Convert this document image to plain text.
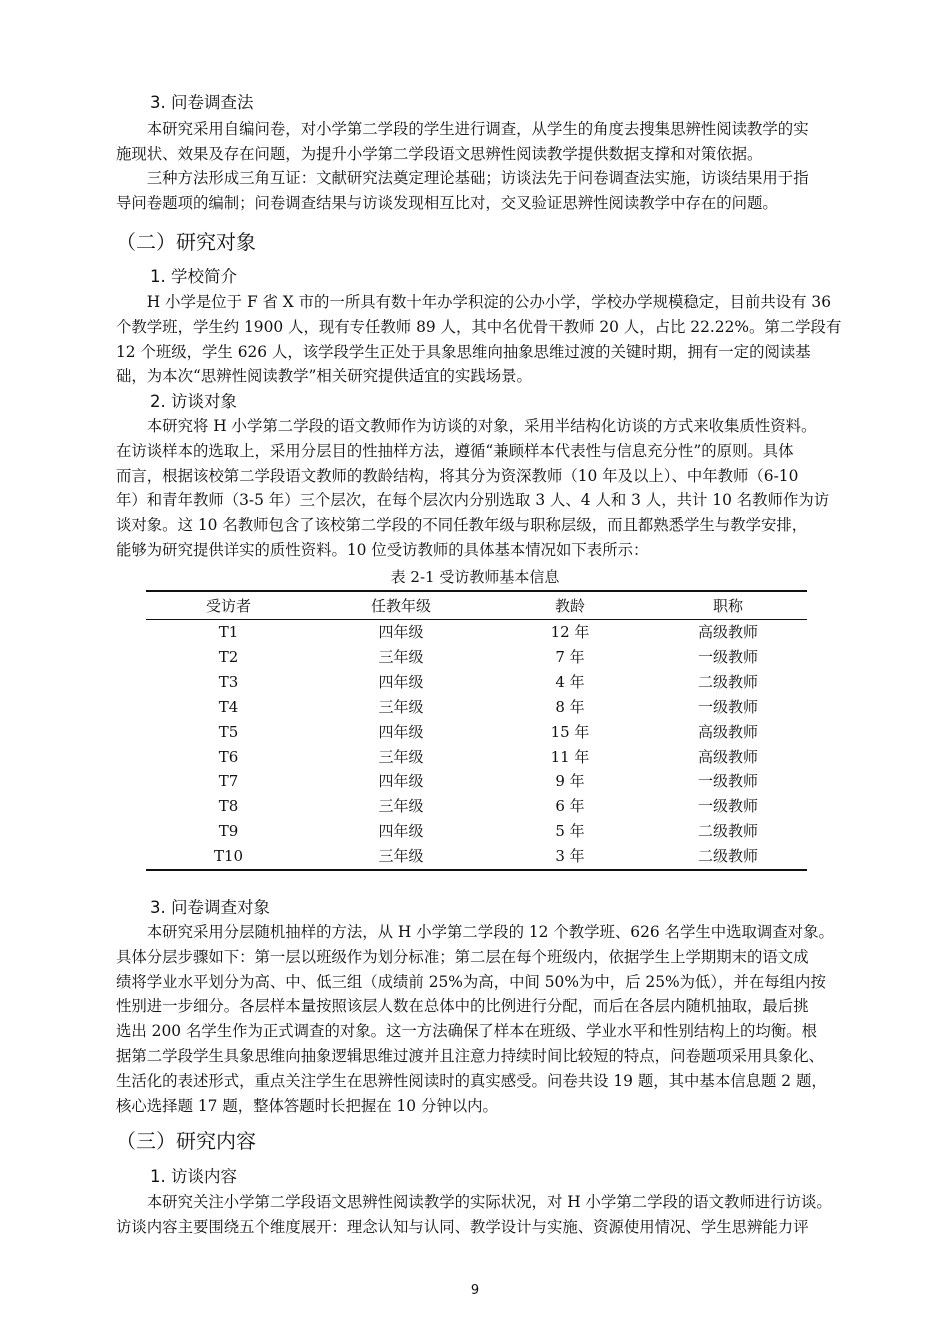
3. 问卷调查法
　　本研究采用自编问卷，对小学第二学段的学生进行调查，从学生的角度去搜集思辨性阅读教学的实
施现状、效果及存在问题，为提升小学第二学段语文思辨性阅读教学提供数据支撑和对策依据。
　　三种方法形成三角互证：文献研究法奠定理论基础；访谈法先于问卷调查法实施，访谈结果用于指
导问卷题项的编制；问卷调查结果与访谈发现相互比对，交叉验证思辨性阅读教学中存在的问题。
（二）研究对象
1. 学校简介
　　H 小学是位于 F 省 X 市的一所具有数十年办学积淀的公办小学，学校办学规模稳定，目前共设有 36
个教学班，学生约 1900 人，现有专任教师 89 人，其中名优骨干教师 20 人，占比 22.22%。第二学段有
12 个班级，学生 626 人，该学段学生正处于具象思维向抽象思维过渡的关键时期，拥有一定的阅读基
础，为本次“思辨性阅读教学”相关研究提供适宜的实践场景。
2. 访谈对象
　　本研究将 H 小学第二学段的语文教师作为访谈的对象，采用半结构化访谈的方式来收集质性资料。
在访谈样本的选取上，采用分层目的性抽样方法，遵循“兼顾样本代表性与信息充分性”的原则。具体
而言，根据该校第二学段语文教师的教龄结构，将其分为资深教师（10 年及以上）、中年教师（6-10
年）和青年教师（3-5 年）三个层次，在每个层次内分别选取 3 人、4 人和 3 人，共计 10 名教师作为访
谈对象。这 10 名教师包含了该校第二学段的不同任教年级与职称层级，而且都熟悉学生与教学安排，
能够为研究提供详实的质性资料。10 位受访教师的具体基本情况如下表所示：
表 2-1 受访教师基本信息
受访者	任教年级	教龄	职称
T1	四年级	12 年	高级教师
T2	三年级	7 年	一级教师
T3	四年级	4 年	二级教师
T4	三年级	8 年	一级教师
T5	四年级	15 年	高级教师
T6	三年级	11 年	高级教师
T7	四年级	9 年	一级教师
T8	三年级	6 年	一级教师
T9	四年级	5 年	二级教师
T10	三年级	3 年	二级教师
3. 问卷调查对象
　　本研究采用分层随机抽样的方法，从 H 小学第二学段的 12 个教学班、626 名学生中选取调查对象。
具体分层步骤如下：第一层以班级作为划分标准；第二层在每个班级内，依据学生上学期期末的语文成
绩将学业水平划分为高、中、低三组（成绩前 25%为高，中间 50%为中，后 25%为低），并在每组内按
性别进一步细分。各层样本量按照该层人数在总体中的比例进行分配，而后在各层内随机抽取，最后挑
选出 200 名学生作为正式调查的对象。这一方法确保了样本在班级、学业水平和性别结构上的均衡。根
据第二学段学生具象思维向抽象逻辑思维过渡并且注意力持续时间比较短的特点，问卷题项采用具象化、
生活化的表述形式，重点关注学生在思辨性阅读时的真实感受。问卷共设 19 题，其中基本信息题 2 题，
核心选择题 17 题，整体答题时长把握在 10 分钟以内。
（三）研究内容
1. 访谈内容
　　本研究关注小学第二学段语文思辨性阅读教学的实际状况，对 H 小学第二学段的语文教师进行访谈。
访谈内容主要围绕五个维度展开：理念认知与认同、教学设计与实施、资源使用情况、学生思辨能力评
9
